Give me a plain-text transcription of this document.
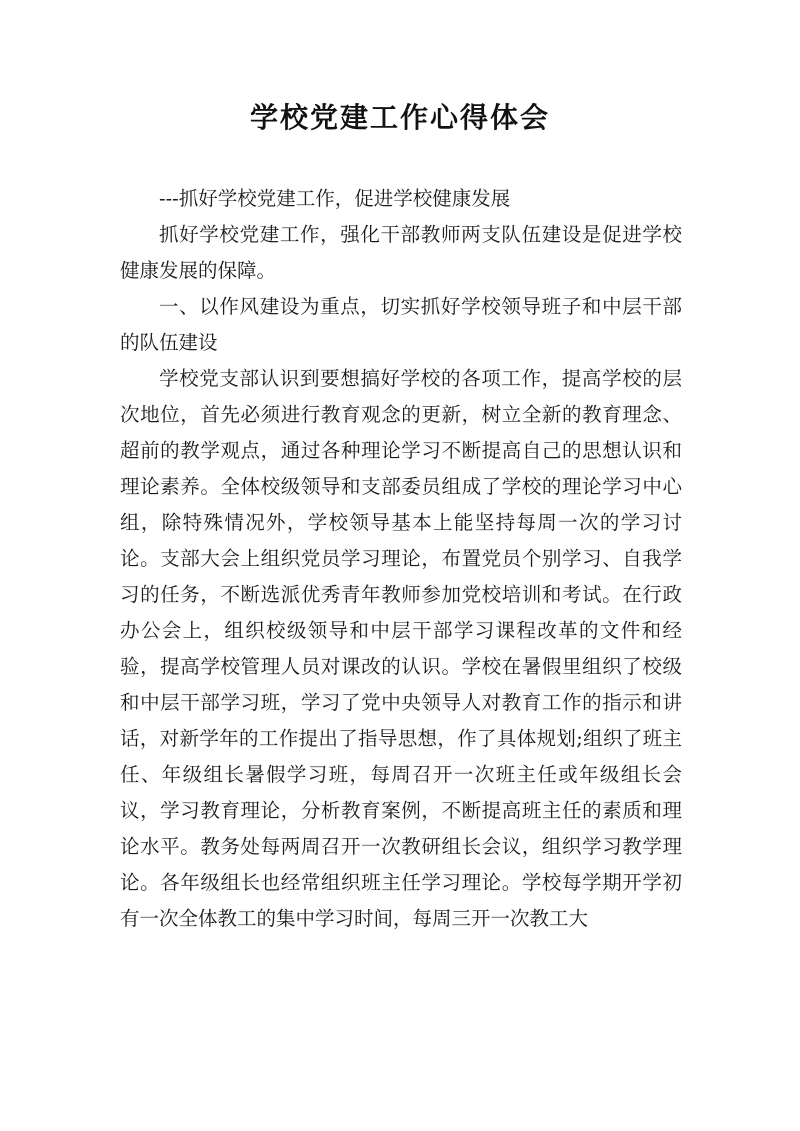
学校党建工作心得体会

---抓好学校党建工作，促进学校健康发展

抓好学校党建工作，强化干部教师两支队伍建设是促进学校健康发展的保障。

一、以作风建设为重点，切实抓好学校领导班子和中层干部的队伍建设

学校党支部认识到要想搞好学校的各项工作，提高学校的层次地位，首先必须进行教育观念的更新，树立全新的教育理念、超前的教学观点，通过各种理论学习不断提高自己的思想认识和理论素养。全体校级领导和支部委员组成了学校的理论学习中心组，除特殊情况外，学校领导基本上能坚持每周一次的学习讨论。支部大会上组织党员学习理论，布置党员个别学习、自我学习的任务，不断选派优秀青年教师参加党校培训和考试。在行政办公会上，组织校级领导和中层干部学习课程改革的文件和经验，提高学校管理人员对课改的认识。学校在暑假里组织了校级和中层干部学习班，学习了党中央领导人对教育工作的指示和讲话，对新学年的工作提出了指导思想，作了具体规划;组织了班主任、年级组长暑假学习班，每周召开一次班主任或年级组长会议，学习教育理论，分析教育案例，不断提高班主任的素质和理论水平。教务处每两周召开一次教研组长会议，组织学习教学理论。各年级组长也经常组织班主任学习理论。学校每学期开学初有一次全体教工的集中学习时间，每周三开一次教工大
